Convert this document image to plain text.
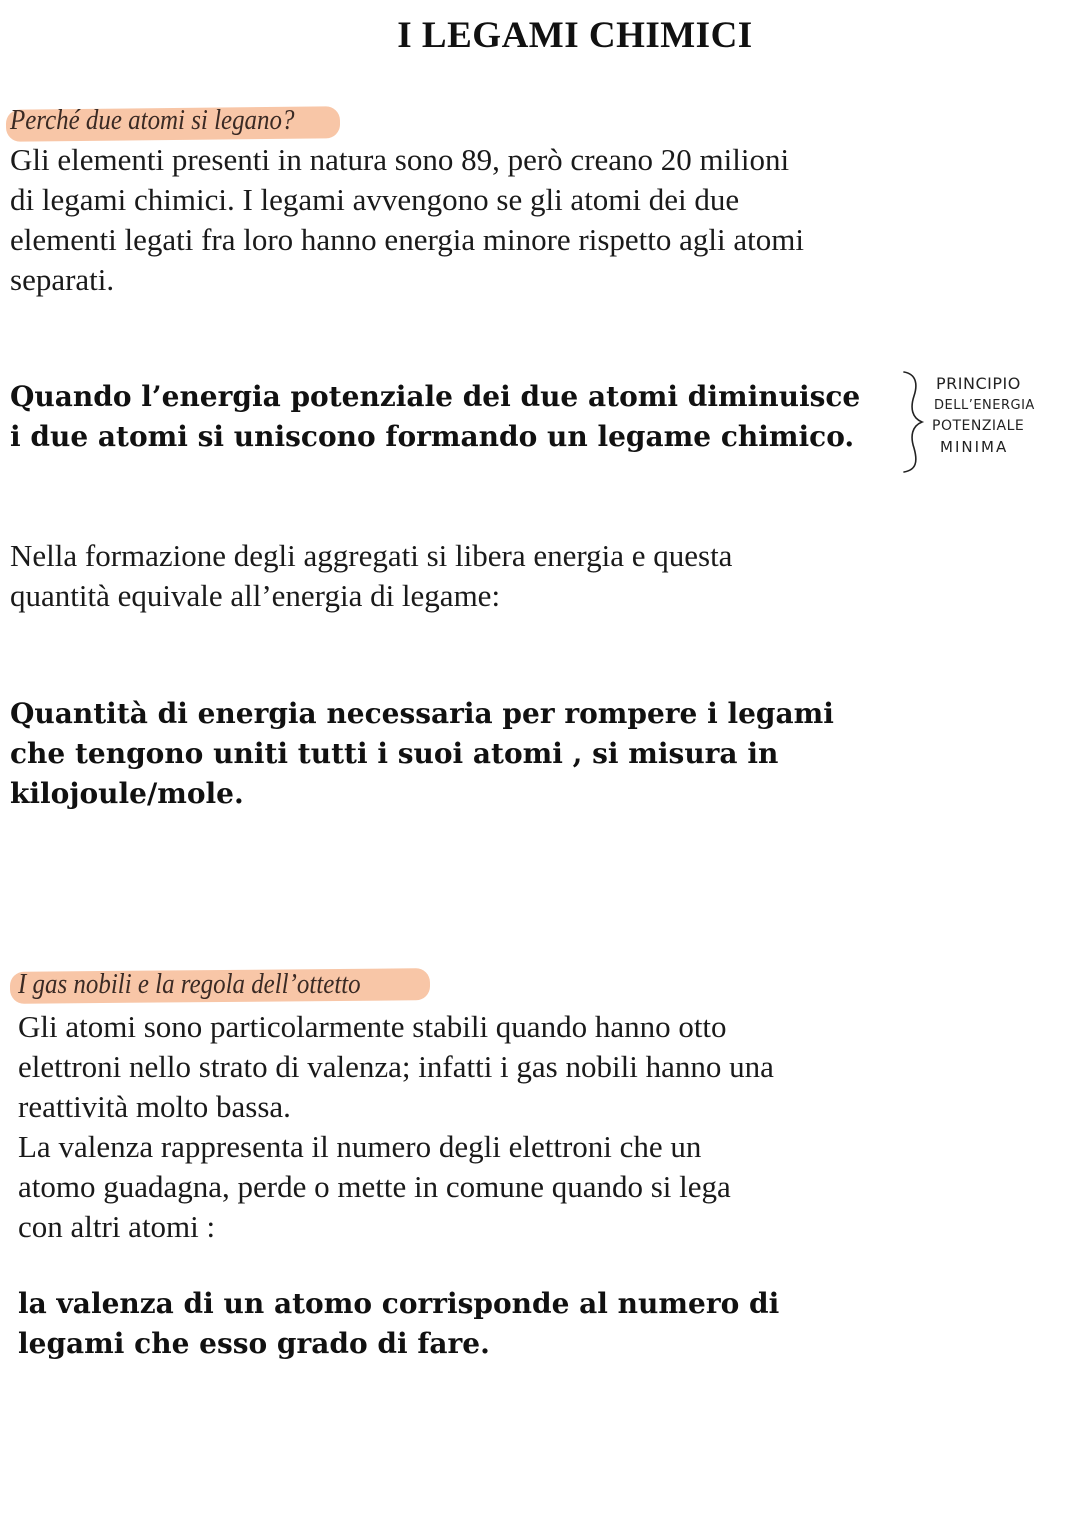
I LEGAMI CHIMICI

Perché due atomi si legano?

Gli elementi presenti in natura sono 89, però creano 20 milioni
di legami chimici. I legami avvengono se gli atomi dei due
elementi legati fra loro hanno energia minore rispetto agli atomi
separati.

Quando l’energia potenziale dei due atomi diminuisce
i due atomi si uniscono formando un legame chimico.

PRINCIPIO
DELL’ENERGIA
POTENZIALE
MINIMA

Nella formazione degli aggregati si libera energia e questa
quantità equivale all’energia di legame:

Quantità di energia necessaria per rompere i legami
che tengono uniti tutti i suoi atomi , si misura in
kilojoule/mole.

I gas nobili e la regola dell’ottetto

Gli atomi sono particolarmente stabili quando hanno otto
elettroni nello strato di valenza; infatti i gas nobili hanno una
reattività molto bassa.
La valenza rappresenta il numero degli elettroni che un
atomo guadagna, perde o mette in comune quando si lega
con altri atomi :

la valenza di un atomo corrisponde al numero di
legami che esso grado di fare.
